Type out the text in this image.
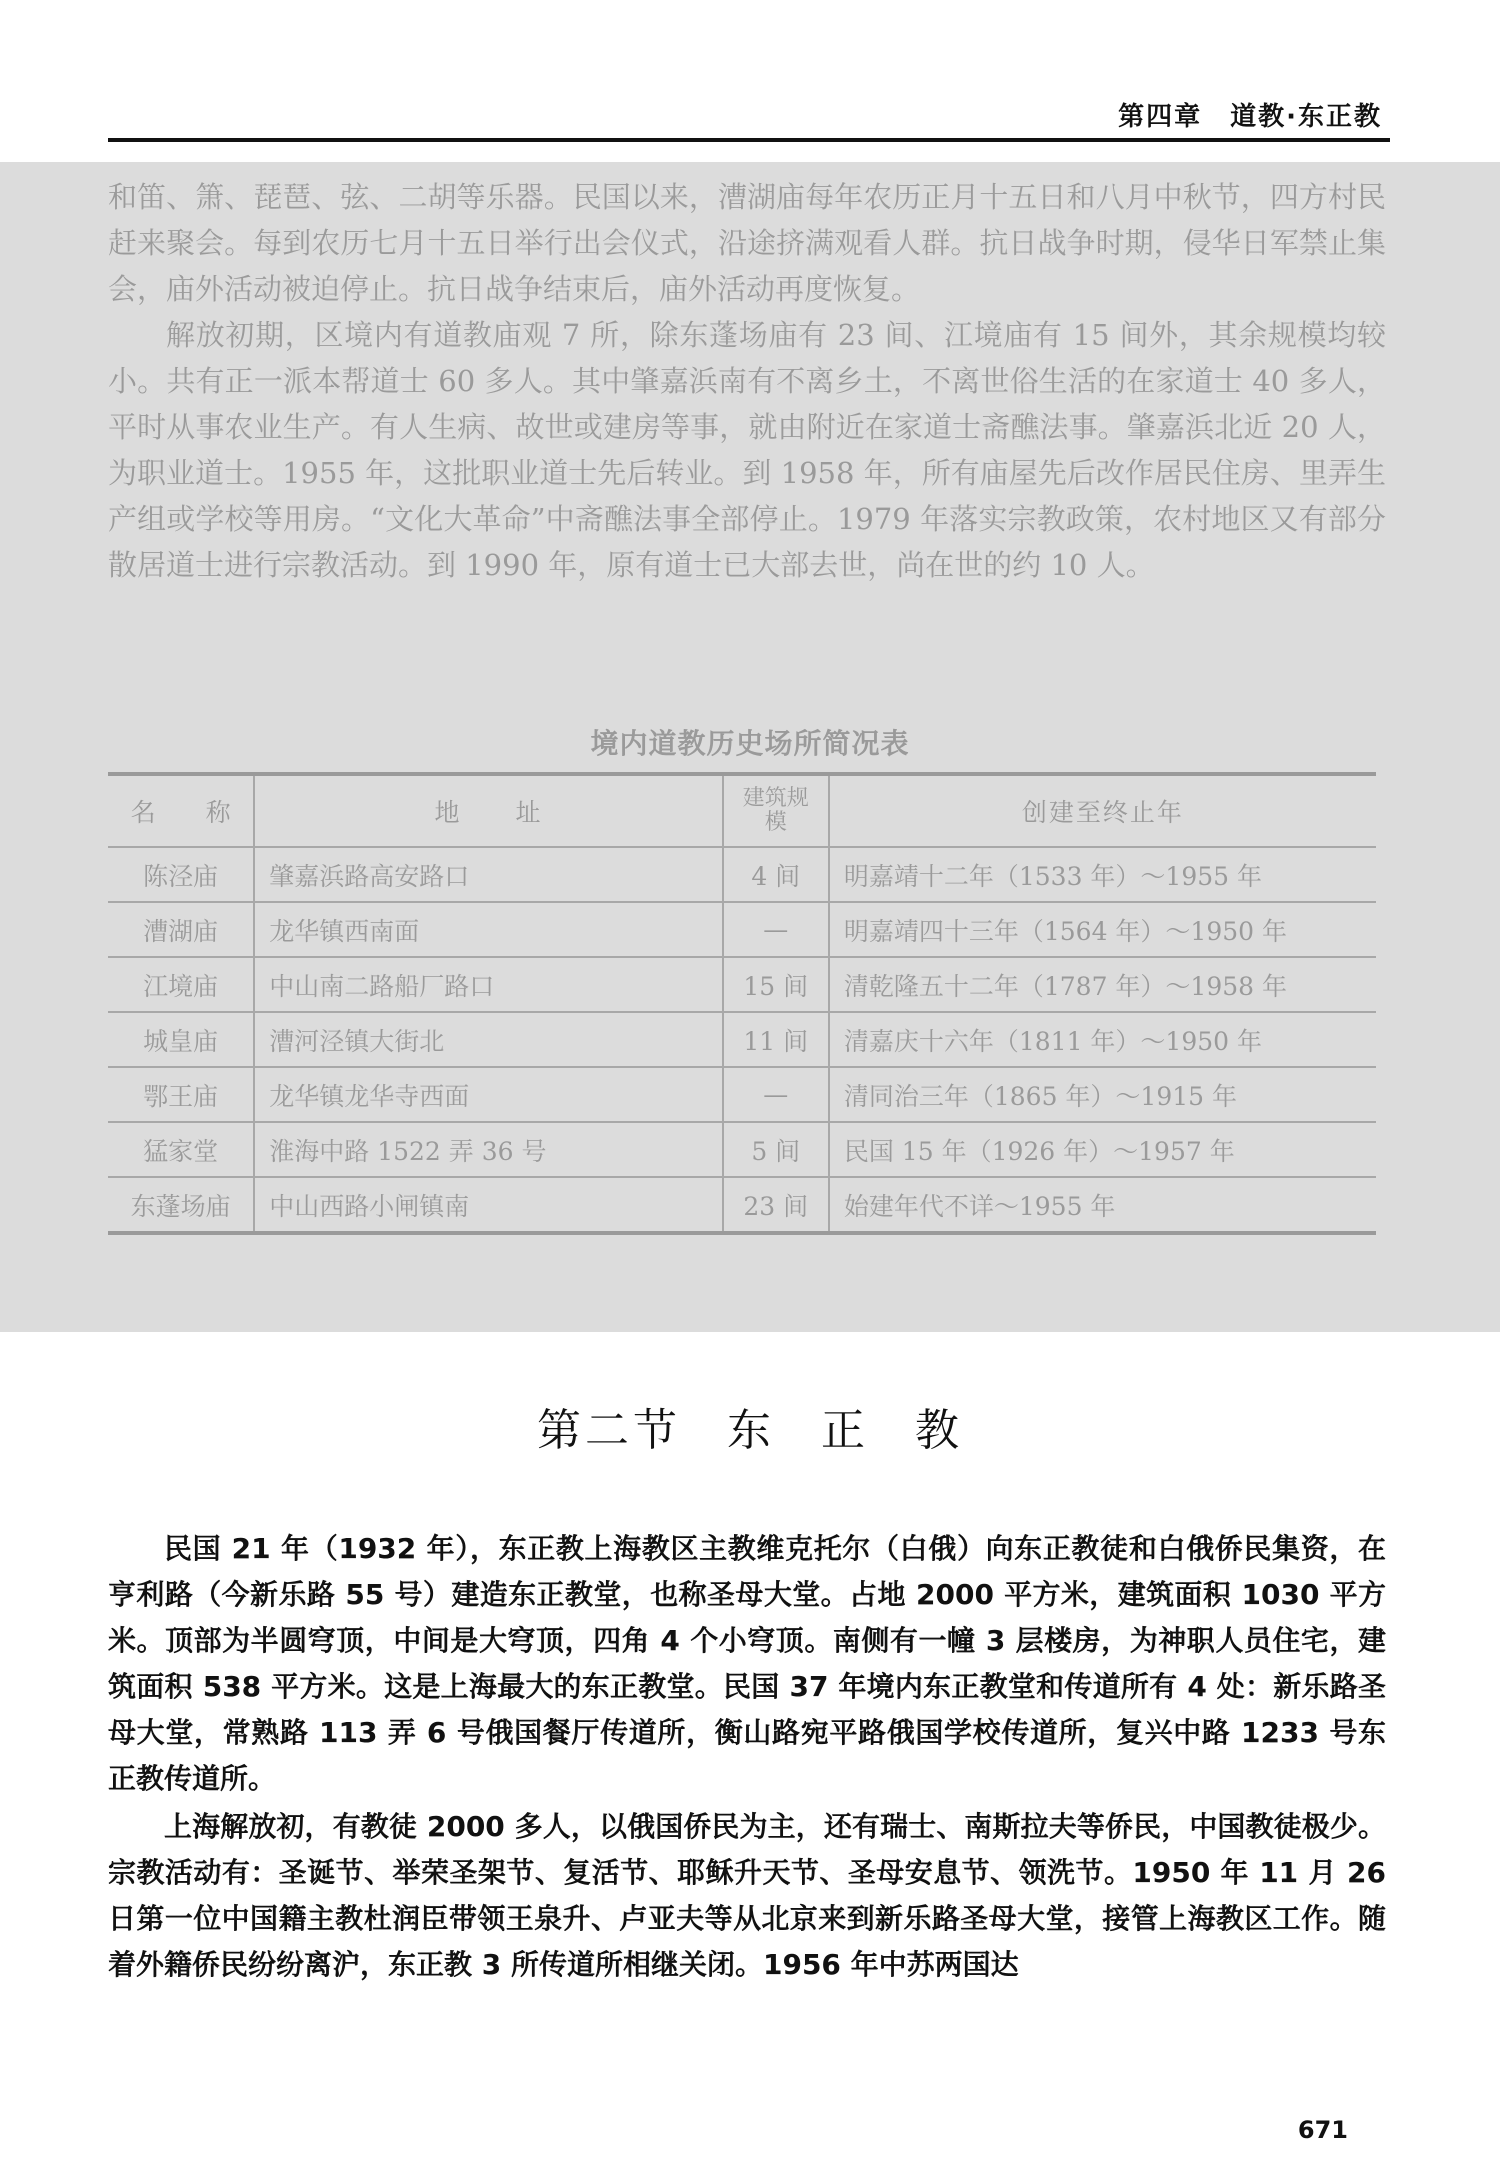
第四章　道教·东正教

和笛、箫、琵琶、弦、二胡等乐器。民国以来，漕湖庙每年农历正月十五日和八月中秋节，四方村民赶来聚会。每到农历七月十五日举行出会仪式，沿途挤满观看人群。抗日战争时期，侵华日军禁止集会，庙外活动被迫停止。抗日战争结束后，庙外活动再度恢复。

解放初期，区境内有道教庙观 7 所，除东蓬场庙有 23 间、江境庙有 15 间外，其余规模均较小。共有正一派本帮道士 60 多人。其中肇嘉浜南有不离乡土，不离世俗生活的在家道士 40 多人，平时从事农业生产。有人生病、故世或建房等事，就由附近在家道士斋醮法事。肇嘉浜北近 20 人，为职业道士。1955 年，这批职业道士先后转业。到 1958 年，所有庙屋先后改作居民住房、里弄生产组或学校等用房。“文化大革命”中斋醮法事全部停止。1979 年落实宗教政策，农村地区又有部分散居道士进行宗教活动。到 1990 年，原有道士已大部去世，尚在世的约 10 人。

境内道教历史场所简况表
名　　称	地　　址	建筑规模	创建至终止年
陈泾庙	肇嘉浜路高安路口	4 间	明嘉靖十二年（1533 年）～1955 年
漕湖庙	龙华镇西南面	—	明嘉靖四十三年（1564 年）～1950 年
江境庙	中山南二路船厂路口	15 间	清乾隆五十二年（1787 年）～1958 年
城皇庙	漕河泾镇大街北	11 间	清嘉庆十六年（1811 年）～1950 年
鄂王庙	龙华镇龙华寺西面	—	清同治三年（1865 年）～1915 年
猛家堂	淮海中路 1522 弄 36 号	5 间	民国 15 年（1926 年）～1957 年
东蓬场庙	中山西路小闸镇南	23 间	始建年代不详～1955 年
第二节 东 正 教

民国 21 年（1932 年），东正教上海教区主教维克托尔（白俄）向东正教徒和白俄侨民集资，在亨利路（今新乐路 55 号）建造东正教堂，也称圣母大堂。占地 2000 平方米，建筑面积 1030 平方米。顶部为半圆穹顶，中间是大穹顶，四角 4 个小穹顶。南侧有一幢 3 层楼房，为神职人员住宅，建筑面积 538 平方米。这是上海最大的东正教堂。民国 37 年境内东正教堂和传道所有 4 处：新乐路圣母大堂，常熟路 113 弄 6 号俄国餐厅传道所，衡山路宛平路俄国学校传道所，复兴中路 1233 号东正教传道所。

上海解放初，有教徒 2000 多人，以俄国侨民为主，还有瑞士、南斯拉夫等侨民，中国教徒极少。宗教活动有：圣诞节、举荣圣架节、复活节、耶稣升天节、圣母安息节、领洗节。1950 年 11 月 26 日第一位中国籍主教杜润臣带领王泉升、卢亚夫等从北京来到新乐路圣母大堂，接管上海教区工作。随着外籍侨民纷纷离沪，东正教 3 所传道所相继关闭。1956 年中苏两国达

671
